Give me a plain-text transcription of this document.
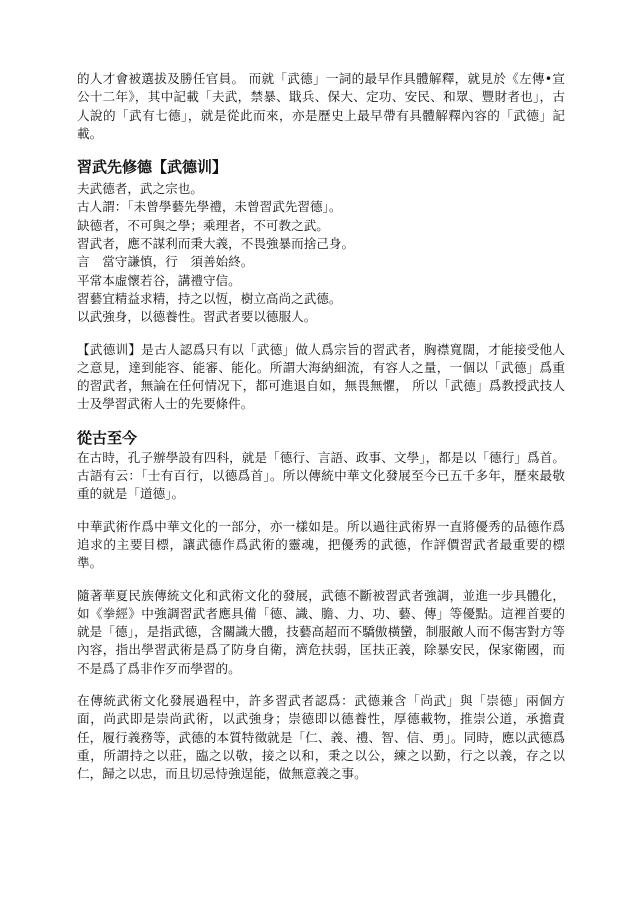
的人才會被選拔及勝任官員。 而就「武德」一詞的最早作具體解釋，就見於《左傳•宣公十二年》，其中記載「夫武，禁暴、戢兵、保大、定功、安民、和眾、豐財者也」，古人說的「武有七德」，就是從此而來，亦是歷史上最早帶有具體解釋內容的「武德」記載。

習武先修德【武德训】

夫武德者，武之宗也。

古人謂：「未曾學藝先學禮，未曾習武先習德」。

缺德者，不可與之學；乘理者，不可教之武。

習武者，應不謀利而秉大義，不畏強暴而捨己身。

言　當守謙慎，行　須善始終。

平常本虛懷若谷，講禮守信。

習藝宜精益求精，持之以恆，樹立高尚之武德。

以武強身，以德養性。習武者要以德服人。

【武德训】是古人認爲只有以「武德」做人爲宗旨的習武者，胸襟寬闊，才能接受他人之意見，達到能容、能審、能化。所謂大海納細流，有容人之量，一個以「武德」爲重的習武者，無論在任何情况下，都可進退自如，無畏無懼， 所以「武德」爲教授武技人士及學習武術人士的先要條件。

從古至今

在古時，孔子辦學設有四科，就是「德行、言語、政事、文學」，都是以「德行」爲首。古語有云：「士有百行，以德爲首」。所以傳統中華文化發展至今已五千多年，歷來最敬重的就是「道德」。

中華武術作爲中華文化的一部分，亦一樣如是。所以過往武術界一直將優秀的品德作爲追求的主要目標，讓武德作爲武術的靈魂，把優秀的武德，作評價習武者最重要的標準。

隨著華夏民族傳統文化和武術文化的發展，武德不斷被習武者強調，並進一步具體化，如《拳經》中強調習武者應具備「德、識、膽、力、功、藝、傳」等優點。這裡首要的就是「德」，是指武德，含關識大體，技藝高超而不驕傲橫蠻，制服敵人而不傷害對方等內容，指出學習武術是爲了防身自衛，濟危扶弱，匡扶正義，除暴安民，保家衛國，而不是爲了爲非作歹而學習的。

在傳統武術文化發展過程中，許多習武者認爲：武德兼含「尚武」與「崇德」兩個方面，尚武即是崇尚武術，以武強身；崇德即以德養性，厚德載物，推崇公道，承擔責任，履行義務等，武德的本質特徵就是「仁、義、禮、智、信、勇」。同時，應以武德爲重，所謂持之以莊，臨之以敬，接之以和，秉之以公，練之以勤，行之以義，存之以仁，歸之以忠，而且切忌恃強逞能，做無意義之事。
